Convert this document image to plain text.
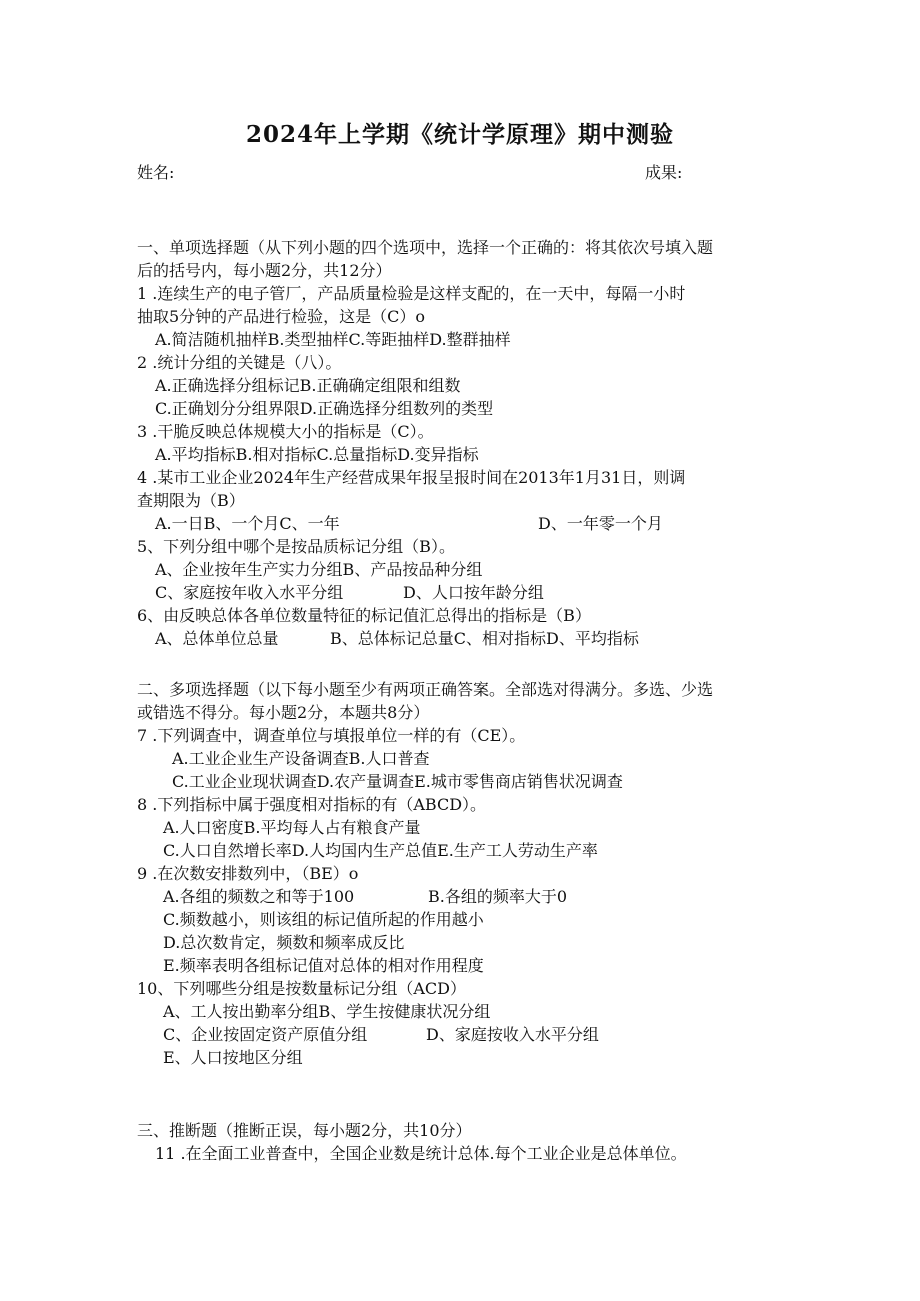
2024年上学期《统计学原理》期中测验
姓名:	成果:
一、单项选择题（从下列小题的四个选项中，选择一个正确的：将其依次号填入题
后的括号内，每小题2分，共12分）
1 .连续生产的电子管厂，产品质量检验是这样支配的，在一天中，每隔一小时
抽取5分钟的产品进行检验，这是（C）o
A.简洁随机抽样B.类型抽样C.等距抽样D.整群抽样
2 .统计分组的关键是（八）。
A.正确选择分组标记B.正确确定组限和组数
C.正确划分分组界限D.正确选择分组数列的类型
3 .干脆反映总体规模大小的指标是（C）。
A.平均指标B.相对指标C.总量指标D.变异指标
4 .某市工业企业2024年生产经营成果年报呈报时间在2013年1月31日，则调
查期限为（B）
A.一日B、一个月C、一年	D、一年零一个月
5、下列分组中哪个是按品质标记分组（B）。
A、企业按年生产实力分组B、产品按品种分组
C、家庭按年收入水平分组	D、人口按年龄分组
6、由反映总体各单位数量特征的标记值汇总得出的指标是（B）
A、总体单位总量	B、总体标记总量C、相对指标D、平均指标
二、多项选择题（以下每小题至少有两项正确答案。全部选对得满分。多选、少选
或错选不得分。每小题2分，本题共8分）
7 .下列调查中，调查单位与填报单位一样的有（CE）。
A.工业企业生产设备调查B.人口普查
C.工业企业现状调查D.农产量调查E.城市零售商店销售状况调查
8 .下列指标中属于强度相对指标的有（ABCD）。
A.人口密度B.平均每人占有粮食产量
C.人口自然增长率D.人均国内生产总值E.生产工人劳动生产率
9 .在次数安排数列中，（BE）o
A.各组的频数之和等于100	B.各组的频率大于0
C.频数越小，则该组的标记值所起的作用越小
D.总次数肯定，频数和频率成反比
E.频率表明各组标记值对总体的相对作用程度
10、下列哪些分组是按数量标记分组（ACD）
A、工人按出勤率分组B、学生按健康状况分组
C、企业按固定资产原值分组	D、家庭按收入水平分组
E、人口按地区分组
三、推断题（推断正误，每小题2分，共10分）
11 .在全面工业普查中，全国企业数是统计总体.每个工业企业是总体单位。
